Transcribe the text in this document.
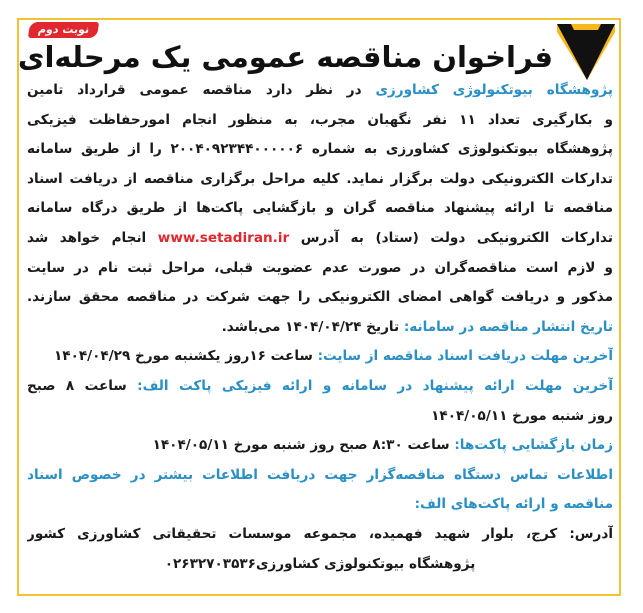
فراخوان مناقصه عمومی یک مرحله‌ای
نوبت دوم
پژوهشگاه بیوتکنولوژی کشاورزی در نظر دارد مناقصه عمومی قرارداد تامین
و بکارگیری تعداد ۱۱ نفر نگهبان مجرب، به منظور انجام امورحفاظت فیزیکی
پژوهشگاه بیوتکنولوژی کشاورزی به شماره ۲۰۰۴۰۹۲۳۴۴۰۰۰۰۰۶ را از طریق سامانه
تدارکات الکترونیکی دولت برگزار نماید. کلیه مراحل برگزاری مناقصه از دریافت اسناد
مناقصه تا ارائه پیشنهاد مناقصه گران و بازگشایی پاکت‌ها از طریق درگاه سامانه
تدارکات الکترونیکی دولت (ستاد) به آدرس www.setadiran.ir انجام خواهد شد
و لازم است مناقصه‌گران در صورت عدم عضویت قبلی، مراحل ثبت نام در سایت
مذکور و دریافت گواهی امضای الکترونیکی را جهت شرکت در مناقصه محقق سازند.
تاریخ انتشار مناقصه در سامانه: تاریخ ۱۴۰۴/۰۴/۲۴ می‌باشد.
آخرین مهلت دریافت اسناد مناقصه از سایت: ساعت ۱۶روز یکشنبه مورخ ۱۴۰۴/۰۴/۲۹
آخرین مهلت ارائه پیشنهاد در سامانه و ارائه فیزیکی پاکت الف: ساعت ۸ صبح
روز شنبه مورخ ۱۴۰۴/۰۵/۱۱
زمان بازگشایی پاکت‌ها: ساعت ۸:۳۰ صبح روز شنبه مورخ ۱۴۰۴/۰۵/۱۱
اطلاعات تماس دستگاه مناقصه‌گزار جهت دریافت اطلاعات بیشتر در خصوص اسناد
مناقصه و ارائه پاکت‌های الف:
آدرس: کرج، بلوار شهید فهمیده، مجموعه موسسات تحقیقاتی کشاورزی کشور
پژوهشگاه بیوتکنولوژی کشاورزی۰۲۶۳۲۷۰۳۵۳۶
